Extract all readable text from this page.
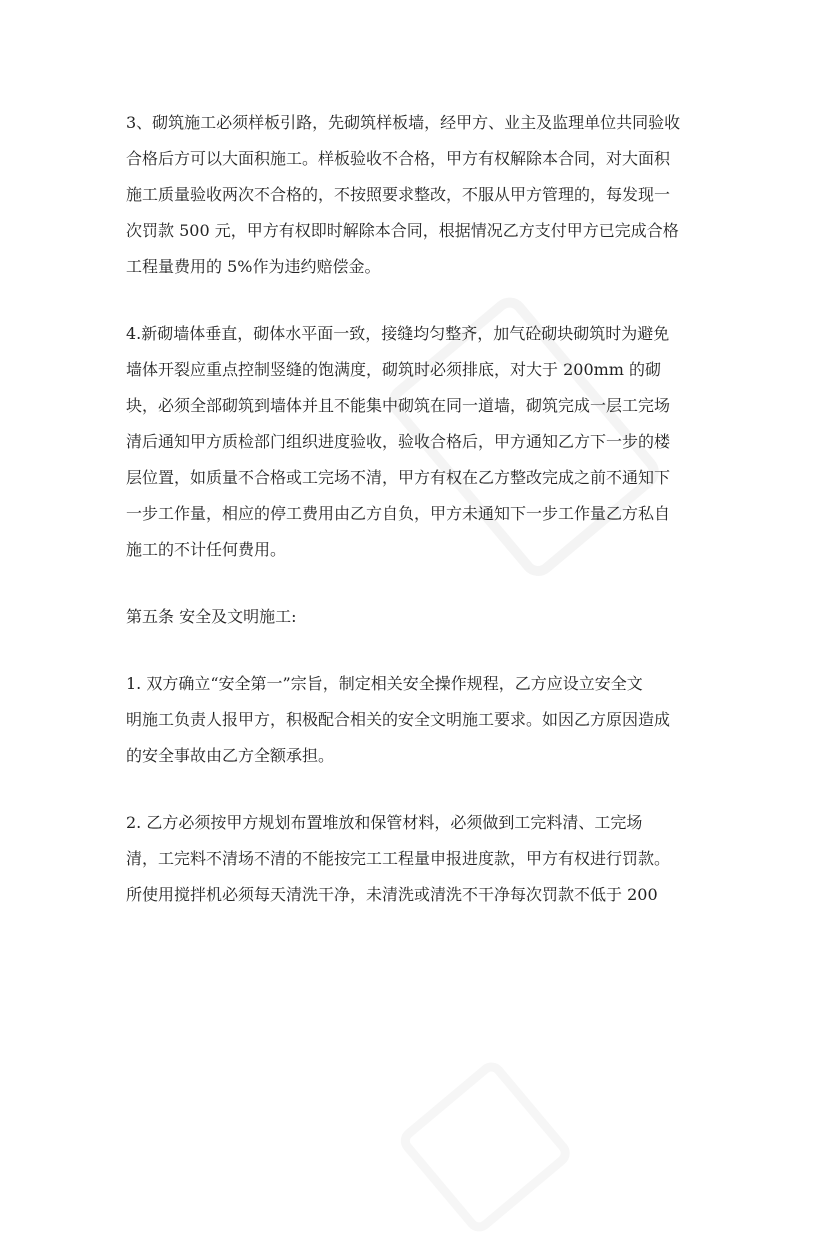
3、砌筑施工必须样板引路，先砌筑样板墙，经甲方、业主及监理单位共同验收
合格后方可以大面积施工。样板验收不合格，甲方有权解除本合同，对大面积
施工质量验收两次不合格的，不按照要求整改，不服从甲方管理的，每发现一
次罚款 500 元，甲方有权即时解除本合同，根据情况乙方支付甲方已完成合格
工程量费用的 5%作为违约赔偿金。
4.新砌墙体垂直，砌体水平面一致，接缝均匀整齐，加气砼砌块砌筑时为避免
墙体开裂应重点控制竖缝的饱满度，砌筑时必须排底，对大于 200mm 的砌
块，必须全部砌筑到墙体并且不能集中砌筑在同一道墙，砌筑完成一层工完场
清后通知甲方质检部门组织进度验收，验收合格后，甲方通知乙方下一步的楼
层位置，如质量不合格或工完场不清，甲方有权在乙方整改完成之前不通知下
一步工作量，相应的停工费用由乙方自负，甲方未通知下一步工作量乙方私自
施工的不计任何费用。
第五条 安全及文明施工:
1. 双方确立“安全第一”宗旨，制定相关安全操作规程，乙方应设立安全文
明施工负责人报甲方，积极配合相关的安全文明施工要求。如因乙方原因造成
的安全事故由乙方全额承担。
2. 乙方必须按甲方规划布置堆放和保管材料，必须做到工完料清、工完场
清，工完料不清场不清的不能按完工工程量申报进度款，甲方有权进行罚款。
所使用搅拌机必须每天清洗干净，未清洗或清洗不干净每次罚款不低于 200
